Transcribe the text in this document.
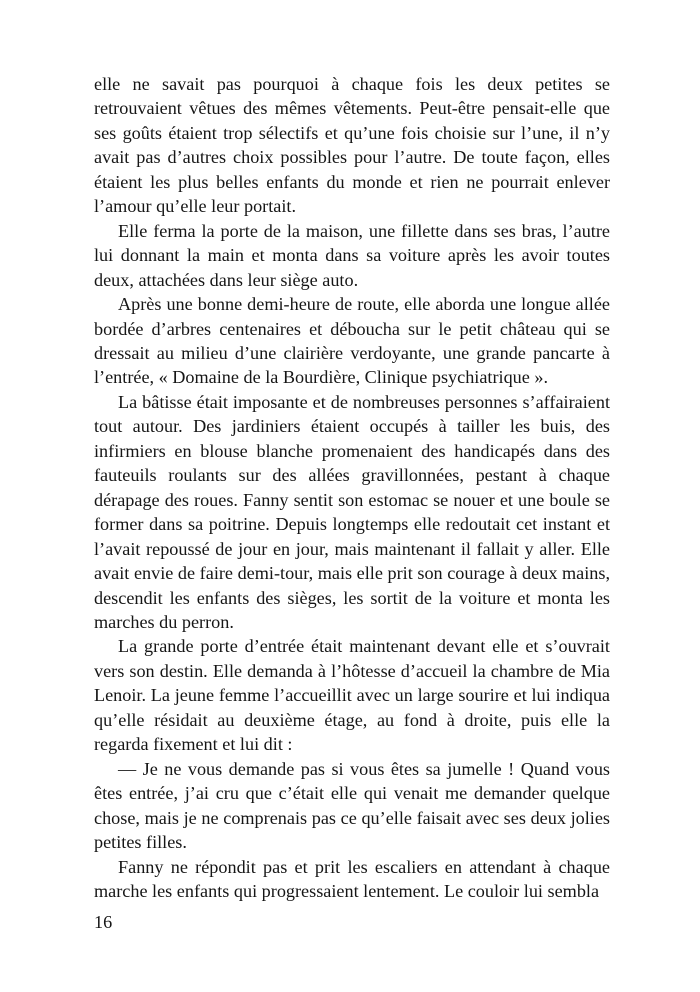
elle ne savait pas pourquoi à chaque fois les deux petites se retrouvaient vêtues des mêmes vêtements. Peut-être pensait-elle que ses goûts étaient trop sélectifs et qu’une fois choisie sur l’une, il n’y avait pas d’autres choix possibles pour l’autre. De toute façon, elles étaient les plus belles enfants du monde et rien ne pourrait enlever l’amour qu’elle leur portait.

Elle ferma la porte de la maison, une fillette dans ses bras, l’autre lui donnant la main et monta dans sa voiture après les avoir toutes deux, attachées dans leur siège auto.

Après une bonne demi-heure de route, elle aborda une longue allée bordée d’arbres centenaires et déboucha sur le petit château qui se dressait au milieu d’une clairière verdoyante, une grande pancarte à l’entrée, « Domaine de la Bourdière, Clinique psychiatrique ».

La bâtisse était imposante et de nombreuses personnes s’affairaient tout autour. Des jardiniers étaient occupés à tailler les buis, des infirmiers en blouse blanche promenaient des handicapés dans des fauteuils roulants sur des allées gravillonnées, pestant à chaque dérapage des roues. Fanny sentit son estomac se nouer et une boule se former dans sa poitrine. Depuis longtemps elle redoutait cet instant et l’avait repoussé de jour en jour, mais maintenant il fallait y aller. Elle avait envie de faire demi-tour, mais elle prit son courage à deux mains, descendit les enfants des sièges, les sortit de la voiture et monta les marches du perron.

La grande porte d’entrée était maintenant devant elle et s’ouvrait vers son destin. Elle demanda à l’hôtesse d’accueil la chambre de Mia Lenoir. La jeune femme l’accueillit avec un large sourire et lui indiqua qu’elle résidait au deuxième étage, au fond à droite, puis elle la regarda fixement et lui dit :

— Je ne vous demande pas si vous êtes sa jumelle ! Quand vous êtes entrée, j’ai cru que c’était elle qui venait me demander quelque chose, mais je ne comprenais pas ce qu’elle faisait avec ses deux jolies petites filles.

Fanny ne répondit pas et prit les escaliers en attendant à chaque marche les enfants qui progressaient lentement. Le couloir lui sembla

16
